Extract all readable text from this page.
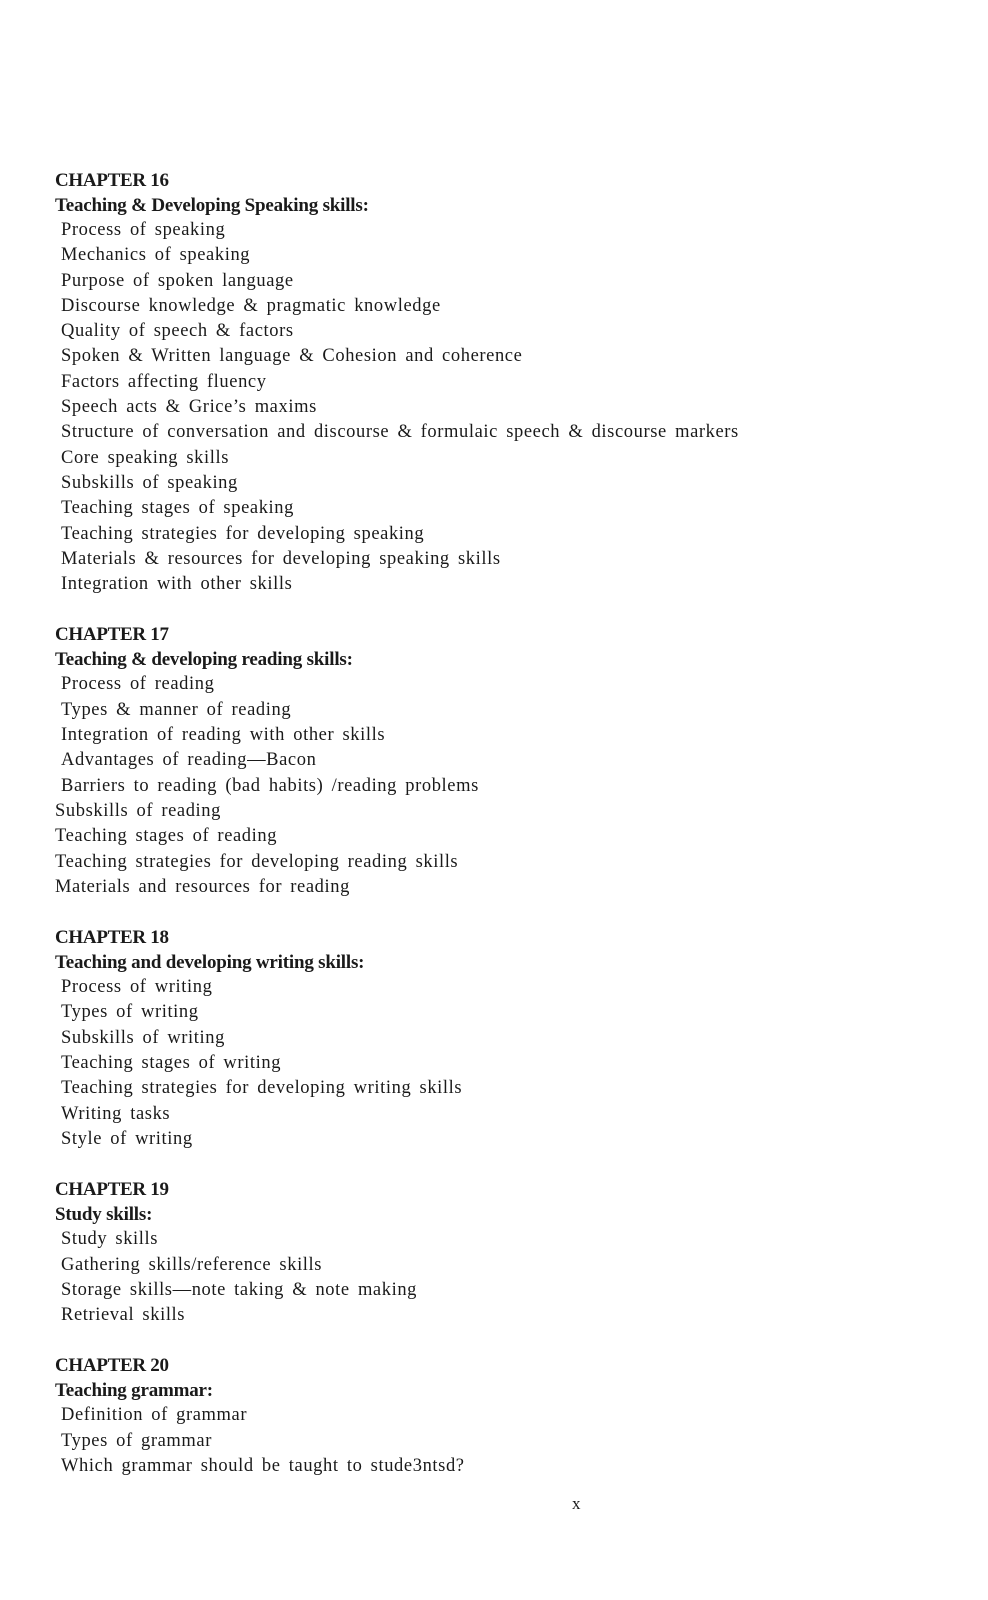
CHAPTER 16
Teaching & Developing Speaking skills:
Process of speaking
Mechanics of speaking
Purpose of spoken language
Discourse knowledge & pragmatic knowledge
Quality of speech & factors
Spoken & Written language & Cohesion and coherence
Factors affecting fluency
Speech acts & Grice’s maxims
Structure of conversation and discourse & formulaic speech & discourse markers
Core speaking skills
Subskills of speaking
Teaching stages of speaking
Teaching strategies for developing speaking
Materials & resources for developing speaking skills
Integration with other skills
CHAPTER 17
Teaching & developing reading skills:
Process of reading
Types & manner of reading
Integration of reading with other skills
Advantages of reading—Bacon
Barriers to reading (bad habits) /reading problems
Subskills of reading
Teaching stages of reading
Teaching strategies for developing reading skills
Materials and resources for reading
CHAPTER 18
Teaching and developing writing skills:
Process of writing
Types of writing
Subskills of writing
Teaching stages of writing
Teaching strategies for developing writing skills
Writing tasks
Style of writing
CHAPTER 19
Study skills:
Study skills
Gathering skills/reference skills
Storage skills—note taking & note making
Retrieval skills
CHAPTER 20
Teaching grammar:
Definition of grammar
Types of grammar
Which grammar should be taught to stude3ntsd?
x
